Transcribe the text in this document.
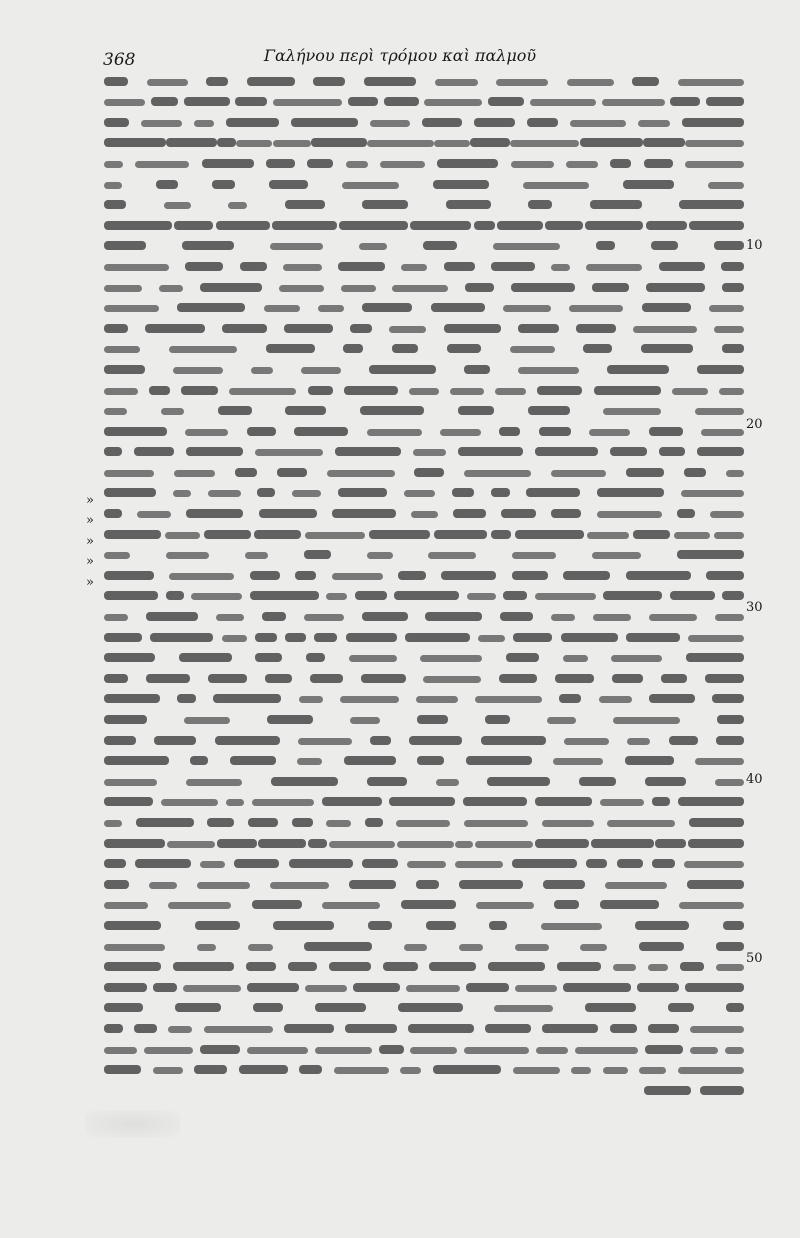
368	Γαλήνου περὶ τρόμου καὶ παλμοῦ
10
20
30
40
50
»
»
»
»
»
